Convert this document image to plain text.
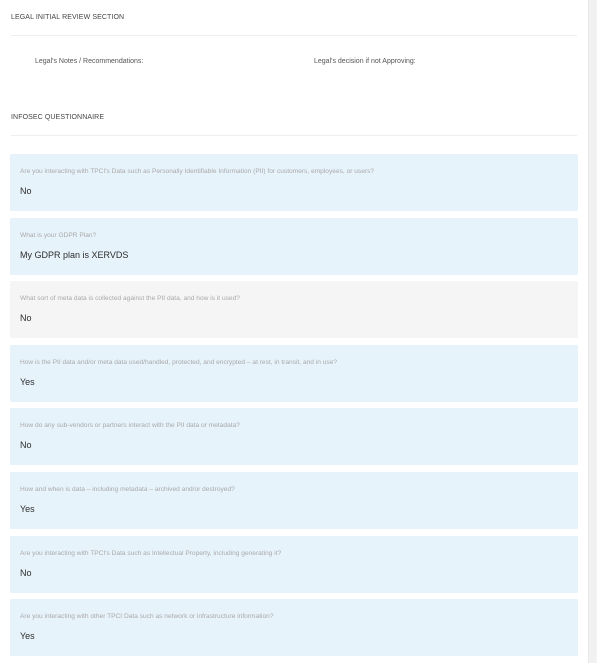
LEGAL INITIAL REVIEW SECTION
Legal's Notes / Recommendations:	Legal's decision if not Approving:
INFOSEC QUESTIONNAIRE
Are you interacting with TPCI's Data such as Personally Identifiable Information (PII) for customers, employees, or users?
No
What is your GDPR Plan?
My GDPR plan is XERVDS
What sort of meta data is collected against the PII data, and how is it used?
No
How is the PII data and/or meta data used/handled, protected, and encrypted – at rest, in transit, and in use?
Yes
How do any sub-vendors or partners interact with the PII data or metadata?
No
How and when is data – including metadata – archived and/or destroyed?
Yes
Are you interacting with TPCI's Data such as Intellectual Property, including generating it?
No
Are you interacting with other TPCI Data such as network or infrastructure information?
Yes
